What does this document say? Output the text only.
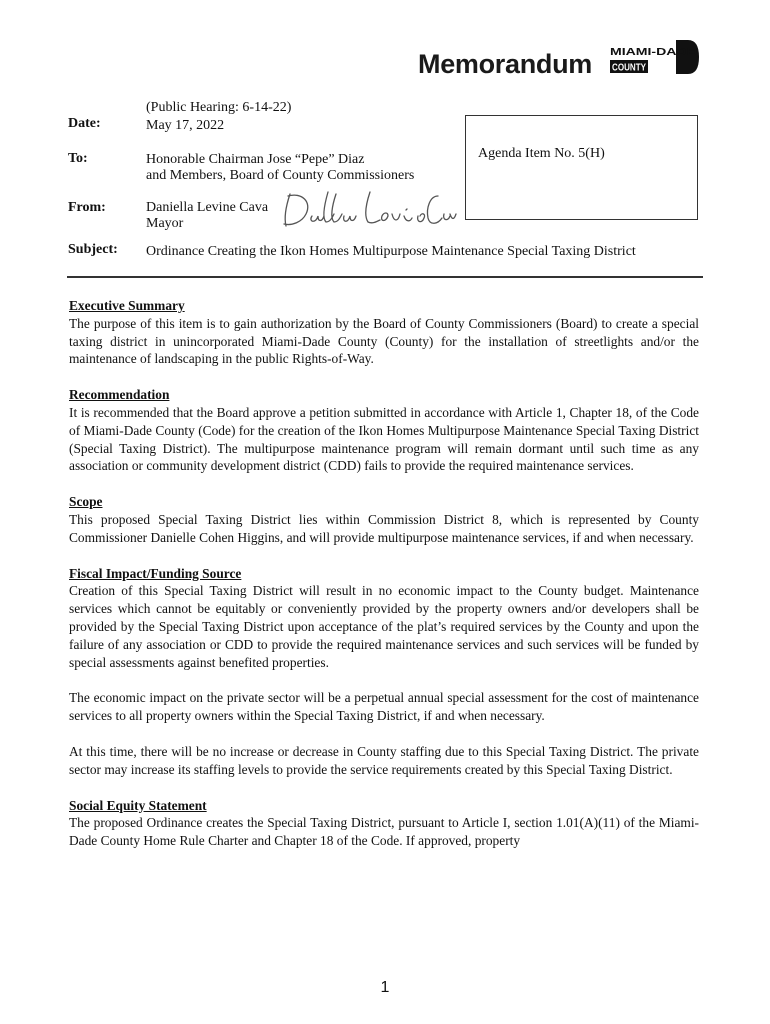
Memorandum MIAMI-DADE
COUNTY
(Public Hearing: 6-14-22)
Date:	May 17, 2022
Agenda Item No. 5(H)
To:	Honorable Chairman Jose “Pepe” Diaz
and Members, Board of County Commissioners
From:	Daniella Levine Cava
Mayor
Subject: Ordinance Creating the Ikon Homes Multipurpose Maintenance Special Taxing District
Executive Summary

The purpose of this item is to gain authorization by the Board of County Commissioners (Board) to create a special taxing district in unincorporated Miami-Dade County (County) for the installation of streetlights and/or the maintenance of landscaping in the public Rights-of-Way.

Recommendation

It is recommended that the Board approve a petition submitted in accordance with Article 1, Chapter 18, of the Code of Miami-Dade County (Code) for the creation of the Ikon Homes Multipurpose Maintenance Special Taxing District (Special Taxing District). The multipurpose maintenance program will remain dormant until such time as any association or community development district (CDD) fails to provide the required maintenance services.

Scope

This proposed Special Taxing District lies within Commission District 8, which is represented by County Commissioner Danielle Cohen Higgins, and will provide multipurpose maintenance services, if and when necessary.

Fiscal Impact/Funding Source

Creation of this Special Taxing District will result in no economic impact to the County budget. Maintenance services which cannot be equitably or conveniently provided by the property owners and/or developers shall be provided by the Special Taxing District upon acceptance of the plat’s required services by the County and upon the failure of any association or CDD to provide the required maintenance services and such services will be funded by special assessments against benefited properties.

The economic impact on the private sector will be a perpetual annual special assessment for the cost of maintenance services to all property owners within the Special Taxing District, if and when necessary.

At this time, there will be no increase or decrease in County staffing due to this Special Taxing District. The private sector may increase its staffing levels to provide the service requirements created by this Special Taxing District.

Social Equity Statement

The proposed Ordinance creates the Special Taxing District, pursuant to Article I, section 1.01(A)(11) of the Miami-Dade County Home Rule Charter and Chapter 18 of the Code. If approved, property

1
